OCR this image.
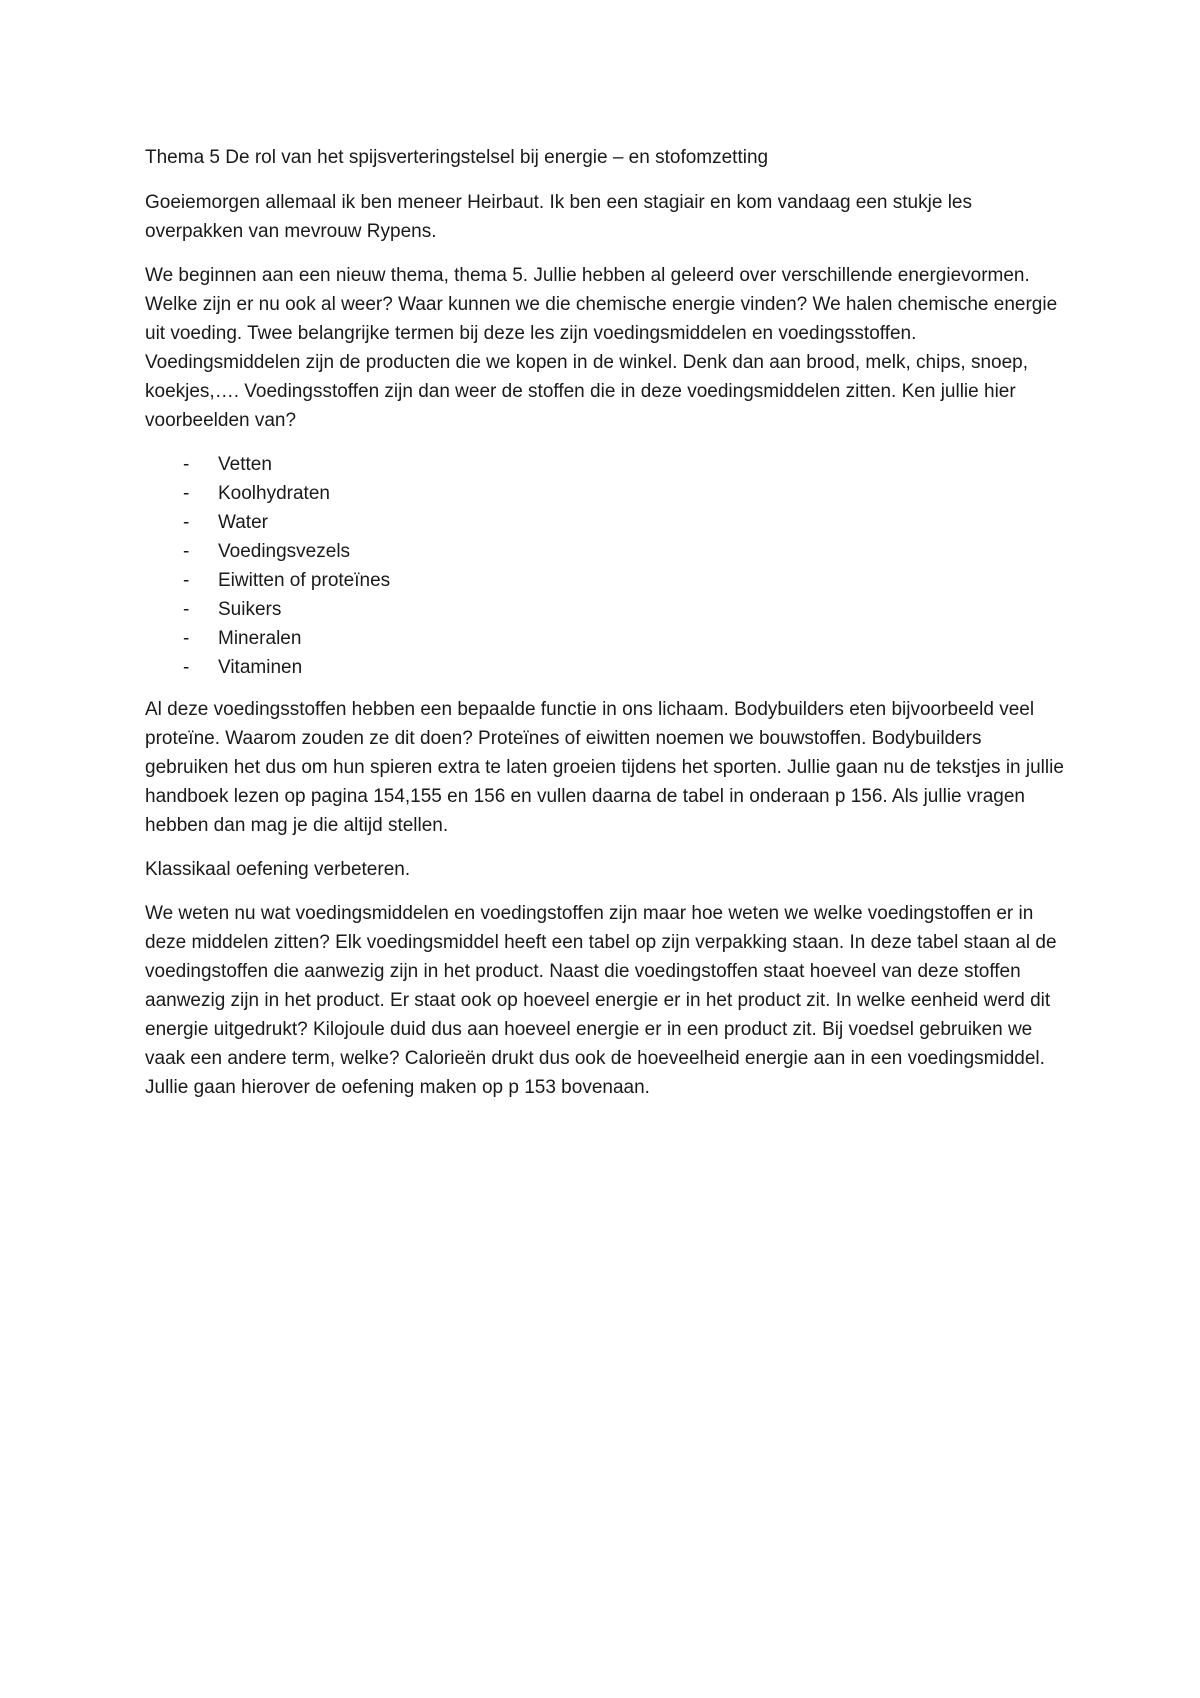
Thema 5 De rol van het spijsverteringstelsel bij energie – en stofomzetting

Goeiemorgen allemaal ik ben meneer Heirbaut. Ik ben een stagiair en kom vandaag een stukje les overpakken van mevrouw Rypens.

We beginnen aan een nieuw thema, thema 5. Jullie hebben al geleerd over verschillende energievormen. Welke zijn er nu ook al weer? Waar kunnen we die chemische energie vinden? We halen chemische energie uit voeding. Twee belangrijke termen bij deze les zijn voedingsmiddelen en voedingsstoffen. Voedingsmiddelen zijn de producten die we kopen in de winkel. Denk dan aan brood, melk, chips, snoep, koekjes,…. Voedingsstoffen zijn dan weer de stoffen die in deze voedingsmiddelen zitten. Ken jullie hier voorbeelden van?

- Vetten
- Koolhydraten
- Water
- Voedingsvezels
- Eiwitten of proteïnes
- Suikers
- Mineralen
- Vitaminen

Al deze voedingsstoffen hebben een bepaalde functie in ons lichaam. Bodybuilders eten bijvoorbeeld veel proteïne. Waarom zouden ze dit doen? Proteïnes of eiwitten noemen we bouwstoffen. Bodybuilders gebruiken het dus om hun spieren extra te laten groeien tijdens het sporten. Jullie gaan nu de tekstjes in jullie handboek lezen op pagina 154,155 en 156 en vullen daarna de tabel in onderaan p 156. Als jullie vragen hebben dan mag je die altijd stellen.

Klassikaal oefening verbeteren.

We weten nu wat voedingsmiddelen en voedingstoffen zijn maar hoe weten we welke voedingstoffen er in deze middelen zitten? Elk voedingsmiddel heeft een tabel op zijn verpakking staan. In deze tabel staan al de voedingstoffen die aanwezig zijn in het product. Naast die voedingstoffen staat hoeveel van deze stoffen aanwezig zijn in het product. Er staat ook op hoeveel energie er in het product zit. In welke eenheid werd dit energie uitgedrukt? Kilojoule duid dus aan hoeveel energie er in een product zit. Bij voedsel gebruiken we vaak een andere term, welke? Calorieën drukt dus ook de hoeveelheid energie aan in een voedingsmiddel. Jullie gaan hierover de oefening maken op p 153 bovenaan.
